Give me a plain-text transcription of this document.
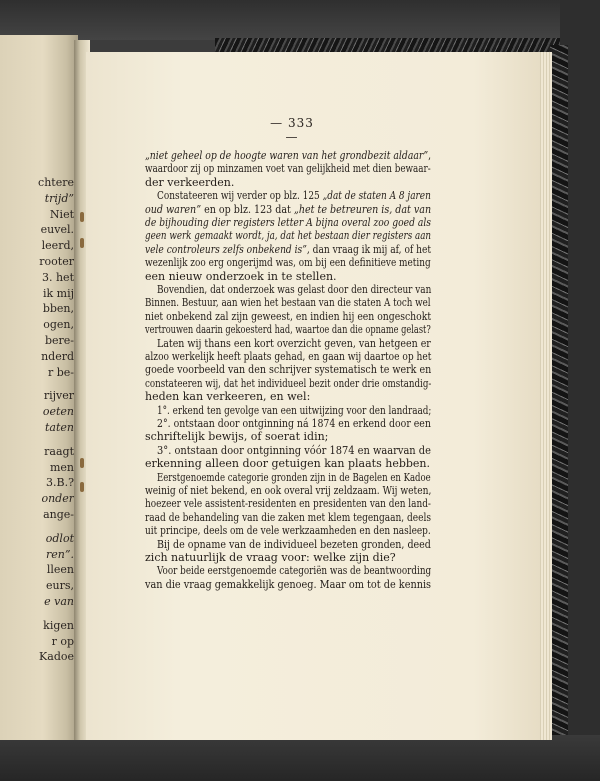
chtere
trijd”
Niet
euvel.
leerd,
rooter
3. het
ik mij
bben,
ogen,
bere-
nderd
r be-
rijver
oeten
taten
raagt
men
3.B.?
onder
ange-
odlot
ren”.
lleen
eurs,
e van
kigen
r op
Kadoe
— 333 —
„niet geheel op de hoogte waren van het grondbezit aldaar”,
waardoor zij op minzamen voet van gelijkheid met dien bewaar-
der verkeerden.
Constateeren wij verder op blz. 125 „dat de staten A 8 jaren
oud waren” en op blz. 123 dat „het te betreuren is, dat van
de bijhouding dier registers letter A bijna overal zoo goed als
geen werk gemaakt wordt, ja, dat het bestaan dier registers aan
vele controleurs zelfs onbekend is”, dan vraag ik mij af, of het
wezenlijk zoo erg ongerijmd was, om bij een definitieve meting
een nieuw onderzoek in te stellen.
Bovendien, dat onderzoek was gelast door den directeur van
Binnen. Bestuur, aan wien het bestaan van die staten A toch wel
niet onbekend zal zijn geweest, en indien hij een ongeschokt
vertrouwen daarin gekoesterd had, waartoe dan die opname gelast?
Laten wij thans een kort overzicht geven, van hetgeen er
alzoo werkelijk heeft plaats gehad, en gaan wij daartoe op het
goede voorbeeld van den schrijver systematisch te werk en
constateeren wij, dat het individueel bezit onder drie omstandig-
heden kan verkeeren, en wel:
1°. erkend ten gevolge van een uitwijzing voor den landraad;
2°. ontstaan door ontginning ná 1874 en erkend door een
schriftelijk bewijs, of soerat idin;
3°. ontstaan door ontginning vóór 1874 en waarvan de
erkenning alleen door getuigen kan plaats hebben.
Eerstgenoemde categorie gronden zijn in de Bagelen en Kadoe
weinig of niet bekend, en ook overal vrij zeldzaam. Wij weten,
hoezeer vele assistent-residenten en presidenten van den land-
raad de behandeling van die zaken met klem tegengaan, deels
uit principe, deels om de vele werkzaamheden en den nasleep.
Bij de opname van de individueel bezeten gronden, deed
zich natuurlijk de vraag voor: welke zijn die?
Voor beide eerstgenoemde categoriën was de beantwoording
van die vraag gemakkelijk genoeg. Maar om tot de kennis
